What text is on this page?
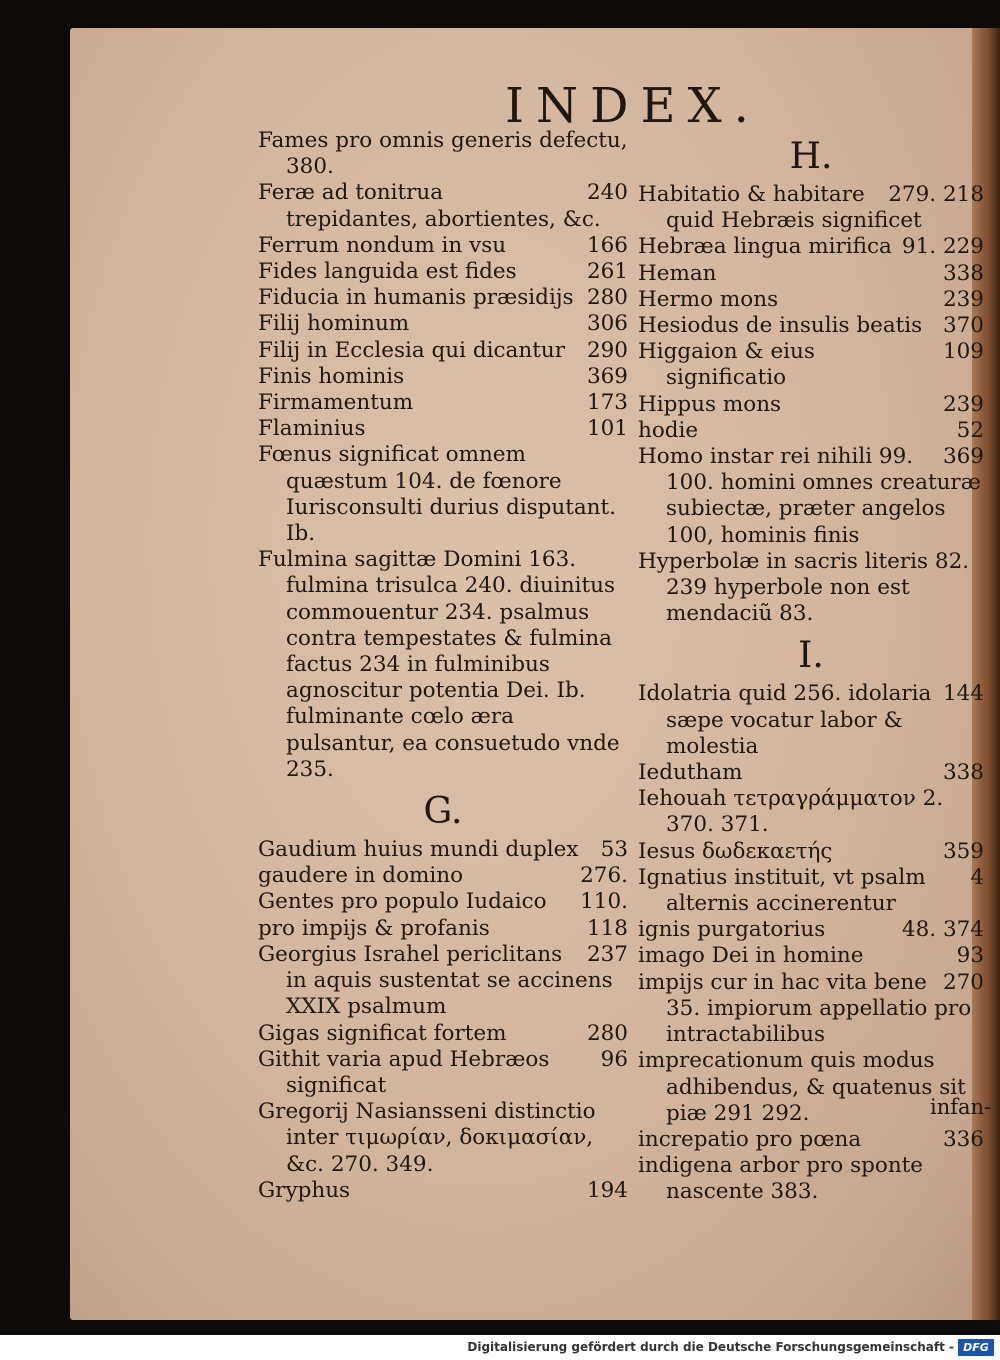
INDEX.
Fames pro omnis generis defectu, 380.
240
Feræ ad tonitrua trepidantes, abortientes, &c.
166
Ferrum nondum in vsu
261
Fides languida est fides
280
Fiducia in humanis præsidijs
306
Filij hominum
290
Filij in Ecclesia qui dicantur
369
Finis hominis
173
Firmamentum
101
Flaminius
Fœnus significat omnem quæstum 104. de fœnore Iurisconsulti durius disputant. Ib.
Fulmina sagittæ Domini 163. fulmina trisulca 240. diuinitus commouentur 234. psalmus contra tempestates & fulmina factus 234 in fulminibus agnoscitur potentia Dei. Ib. fulminante cœlo æra pulsantur, ea consuetudo vnde 235.
G.
53
Gaudium huius mundi duplex
276.
gaudere in domino
110.
Gentes pro populo Iudaico
118
pro impijs & profanis
237
Georgius Israhel periclitans in aquis sustentat se accinens XXIX psalmum
280
Gigas significat fortem
96
Githit varia apud Hebræos significat
Gregorij Nasiansseni distinctio inter τιμωρίαν, δοκιμασίαν, &c. 270. 349.
194
Gryphus
H.
279. 218
Habitatio & habitare quid Hebræis significet
91. 229
Hebræa lingua mirifica
338
Heman
239
Hermo mons
370
Hesiodus de insulis beatis
109
Higgaion & eius significatio
239
Hippus mons
52
hodie
369
Homo instar rei nihili 99. 100. homini omnes creaturæ subiectæ, præter angelos 100, hominis finis
Hyperbolæ in sacris literis 82. 239 hyperbole non est mendaciũ 83.
I.
144
Idolatria quid 256. idolaria sæpe vocatur labor & molestia
338
Iedutham
Iehouah τετραγράμματον 2. 370. 371.
359
Iesus δωδεκαετής
4
Ignatius instituit, vt psalm alternis accinerentur
48. 374
ignis purgatorius
93
imago Dei in homine
270
impijs cur in hac vita bene 35. impiorum appellatio pro intractabilibus
imprecationum quis modus adhibendus, & quatenus sit piæ 291 292.
336
increpatio pro pœna
indigena arbor pro sponte nascente 383.
infan-
Digitalisierung gefördert durch die Deutsche Forschungsgemeinschaft - DFG
